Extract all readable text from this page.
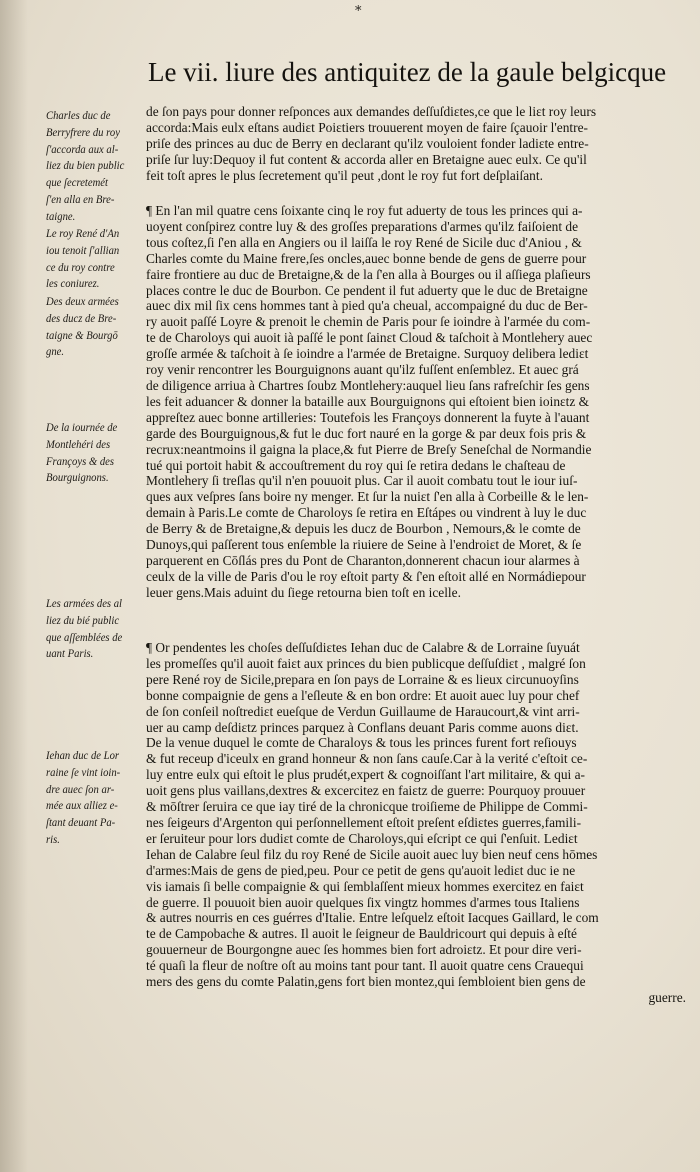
*
Le vii. liure des antiquitez de la gaule belgicque
Charles duc de
Berryfrere du roy
ſ'accorda aux al-
liez du bien public
que ſecretemét
ſ'en alla en Bre-
taigne.
Le roy René d'An
iou tenoit ſ'allian
ce du roy contre
les coniurez.
Des deux armées
des ducz de Bre-
taigne & Bourgō
gne.
De la iournée de
Montlehéri des
Françoys & des
Bourguignons.
Les armées des al
liez du bié public
que aſſemblées de
uant Paris.
Iehan duc de Lor
raine ſe vint ioin-
dre auec ſon ar-
mée aux alliez e-
ſtant deuant Pa-
ris.
de ſon pays pour donner reſponces aux demandes deſſuſdiɛtes,ce que le liɛt roy leurs
accorda:Mais eulx eſtans audiɛt Poiɛtiers trouuerent moyen de faire ſçauoir l'entre-
priſe des princes au duc de Berry en declarant qu'ilz vouloient fonder ladiɛte entre-
priſe ſur luy:Dequoy il fut content & accorda aller en Bretaigne auec eulx. Ce qu'il
feit toſt apres le plus ſecretement qu'il peut ,dont le roy fut fort deſplaiſant.
¶ En l'an mil quatre cens ſoixante cinq le roy fut aduerty de tous les princes qui a-
uoyent conſpirez contre luy & des groſſes preparations d'armes qu'ilz faiſoient de
tous coſtez,ſi ſ'en alla en Angiers ou il laiſſa le roy René de Sicile duc d'Aniou , &
Charles comte du Maine frere,ſes oncles,auec bonne bende de gens de guerre pour
faire frontiere au duc de Bretaigne,& de la ſ'en alla à Bourges ou il aſſiega plaſieurs
places contre le duc de Bourbon. Ce pendent il fut aduerty que le duc de Bretaigne
auec dix mil ſix cens hommes tant à pied qu'a cheual, accompaigné du duc de Ber-
ry auoit paſſé Loyre & prenoit le chemin de Paris pour ſe ioindre à l'armée du com-
te de Charoloys qui auoit ià paſſé le pont ſainɛt Cloud & taſchoit à Montlehery auec
groſſe armée & taſchoit à ſe ioindre a l'armée de Bretaigne. Surquoy delibera lediɛt
roy venir rencontrer les Bourguignons auant qu'ilz fuſſent enſemblez. Et auec grá
de diligence arriua à Chartres ſoubz Montlehery:auquel lieu ſans rafreſchir ſes gens
les feit aduancer & donner la bataille aux Bourguignons qui eſtoient bien ioinɛtz &
appreſtez auec bonne artilleries: Toutefois les Françoys donnerent la fuyte à l'auant
garde des Bourguignous,& fut le duc fort nauré en la gorge & par deux fois pris &
recrux:neantmoins il gaigna la place,& fut Pierre de Breſy Seneſchal de Normandie
tué qui portoit habit & accouſtrement du roy qui ſe retira dedans le chaſteau de
Montlehery ſi treſlas qu'il n'en pouuoit plus. Car il auoit combatu tout le iour iuſ-
ques aux veſpres ſans boire ny menger. Et ſur la nuiɛt ſ'en alla à Corbeille & le len-
demain à Paris.Le comte de Charoloys ſe retira en Eſtápes ou vindrent à luy le duc
de Berry & de Bretaigne,& depuis les ducz de Bourbon , Nemours,& le comte de
Dunoys,qui paſſerent tous enſemble la riuiere de Seine à l'endroiɛt de Moret, & ſe
parquerent en Cōſlás pres du Pont de Charanton,donnerent chacun iour alarmes à
ceulx de la ville de Paris d'ou le roy eſtoit party & ſ'en eſtoit allé en Normádiepour
leuer gens.Mais aduint du ſiege retourna bien toſt en icelle.
¶ Or pendentes les choſes deſſuſdiɛtes Iehan duc de Calabre & de Lorraine ſuyuát
les promeſſes qu'il auoit faiɛt aux princes du bien publicque deſſuſdiɛt , malgré ſon
pere René roy de Sicile,prepara en ſon pays de Lorraine & es lieux circunuoyſins
bonne compaignie de gens a l'eſleute & en bon ordre: Et auoit auec luy pour chef
de ſon conſeil noſtrediɛt eueſque de Verdun Guillaume de Haraucourt,& vint arri-
uer au camp deſdiɛtz princes parquez à Conflans deuant Paris comme auons diɛt.
De la venue duquel le comte de Charaloys & tous les princes furent fort reſiouys
& fut receup d'iceulx en grand honneur & non ſans cauſe.Car à la verité c'eſtoit ce-
luy entre eulx qui eſtoit le plus prudét,expert & cognoiſſant l'art militaire, & qui a-
uoit gens plus vaillans,dextres & excercitez en faiɛtz de guerre: Pourquoy prouuer
& mōſtrer ſeruira ce que iay tiré de la chronicque troiſieme de Philippe de Commi-
nes ſeigeurs d'Argenton qui perſonnellement eſtoit preſent eſdiɛtes guerres,famili-
er ſeruiteur pour lors dudiɛt comte de Charoloys,qui eſcript ce qui ſ'enſuit. Lediɛt
Iehan de Calabre ſeul filz du roy René de Sicile auoit auec luy bien neuf cens hōmes
d'armes:Mais de gens de pied,peu. Pour ce petit de gens qu'auoit lediɛt duc ie ne
vis iamais ſi belle compaignie & qui ſemblaſſent mieux hommes exercitez en faiɛt
de guerre. Il pouuoit bien auoir quelques ſix vingtz hommes d'armes tous Italiens
& autres nourris en ces guérres d'Italie. Entre leſquelz eſtoit Iacques Gaillard, le com
te de Campobache & autres. Il auoit le ſeigneur de Bauldricourt qui depuis à eſté
gouuerneur de Bourgongne auec ſes hommes bien fort adroiɛtz. Et pour dire veri-
té quaſi la fleur de noſtre oſt au moins tant pour tant. Il auoit quatre cens Crauequi
mers des gens du comte Palatin,gens fort bien montez,qui ſembloient bien gens de
guerre.
